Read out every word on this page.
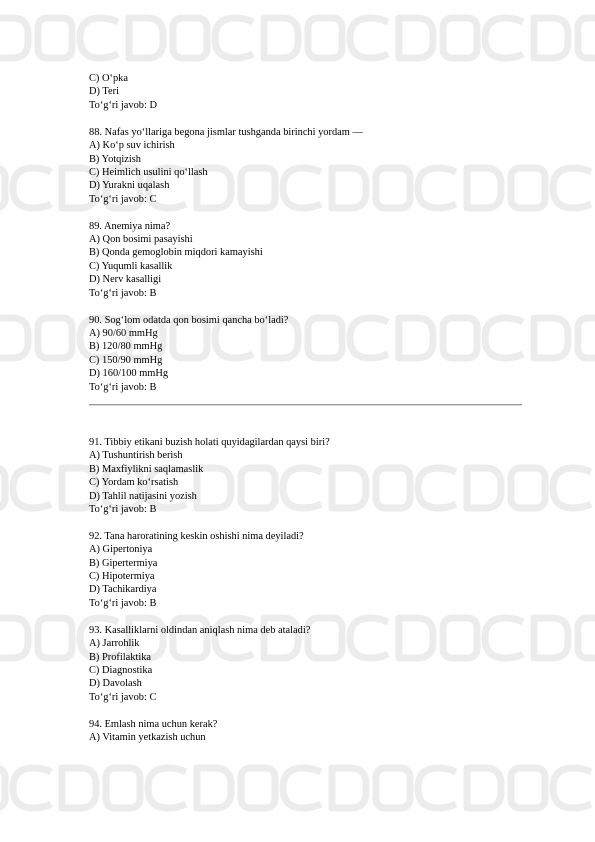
C) O‘pka
D) Teri
To‘g‘ri javob: D
88. Nafas yo‘llariga begona jismlar tushganda birinchi yordam —
A) Ko‘p suv ichirish
B) Yotqizish
C) Heimlich usulini qo‘llash
D) Yurakni uqalash
To‘g‘ri javob: C
89. Anemiya nima?
A) Qon bosimi pasayishi
B) Qonda gemoglobin miqdori kamayishi
C) Yuqumli kasallik
D) Nerv kasalligi
To‘g‘ri javob: B
90. Sog‘lom odatda qon bosimi qancha bo‘ladi?
A) 90/60 mmHg
B) 120/80 mmHg
C) 150/90 mmHg
D) 160/100 mmHg
To‘g‘ri javob: B
91. Tibbiy etikani buzish holati quyidagilardan qaysi biri?
A) Tushuntirish berish
B) Maxfiylikni saqlamaslik
C) Yordam ko‘rsatish
D) Tahlil natijasini yozish
To‘g‘ri javob: B
92. Tana haroratining keskin oshishi nima deyiladi?
A) Gipertoniya
B) Gipertermiya
C) Hipotermiya
D) Tachikardiya
To‘g‘ri javob: B
93. Kasalliklarni oldindan aniqlash nima deb ataladi?
A) Jarrohlik
B) Profilaktika
C) Diagnostika
D) Davolash
To‘g‘ri javob: C
94. Emlash nima uchun kerak?
A) Vitamin yetkazish uchun
